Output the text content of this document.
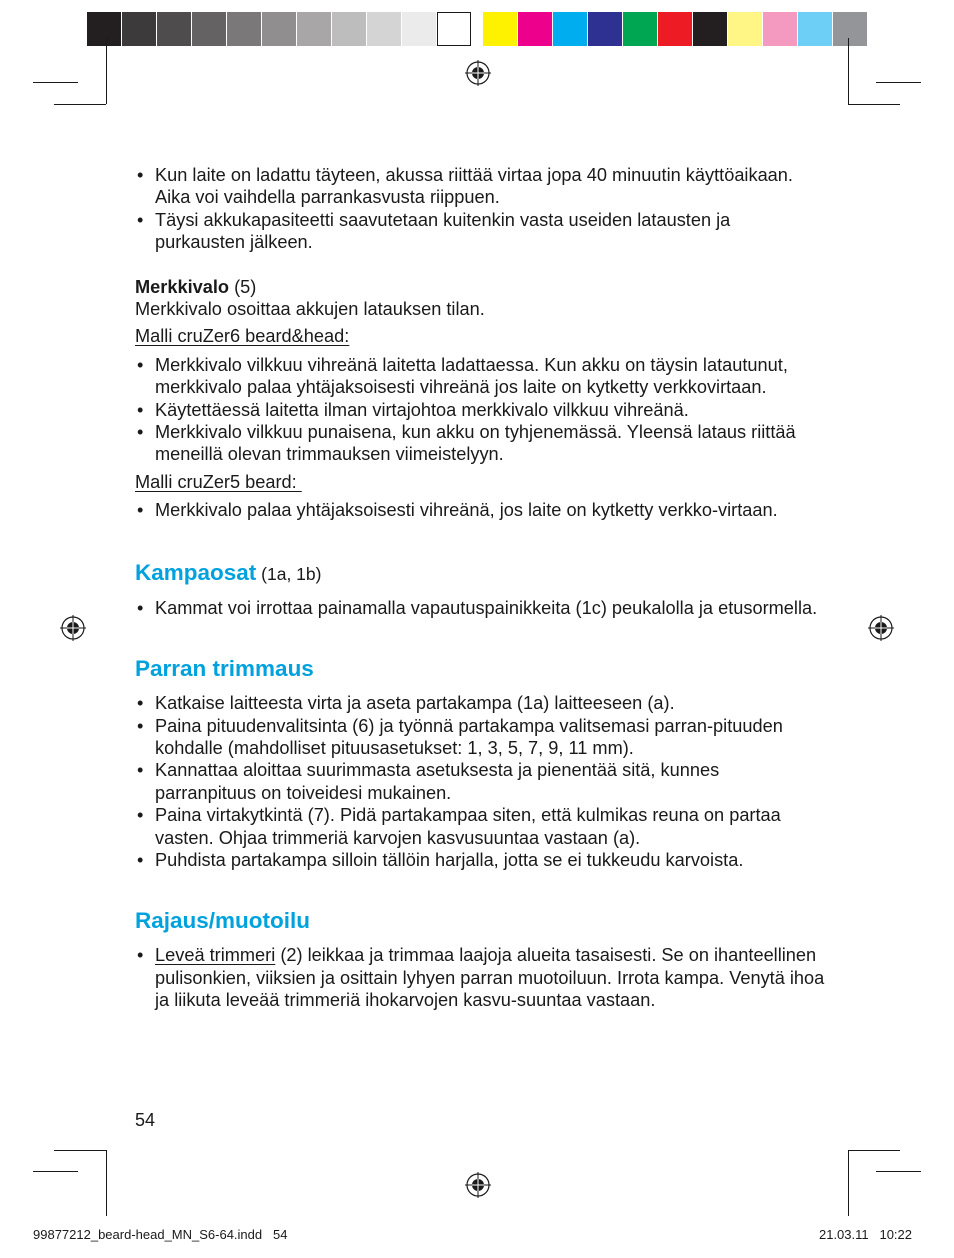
• Kun laite on ladattu täyteen, akussa riittää virtaa jopa 40 minuutin käyttöaikaan. Aika voi vaihdella parrankasvusta riippuen.
• Täysi akkukapasiteetti saavutetaan kuitenkin vasta useiden latausten ja purkausten jälkeen.

Merkkivalo (5)

Merkkivalo osoittaa akkujen latauksen tilan.

Malli cruZer6 beard&head:

• Merkkivalo vilkkuu vihreänä laitetta ladattaessa. Kun akku on täysin latautunut, merkkivalo palaa yhtäjaksoisesti vihreänä jos laite on kytketty verkkovirtaan.
• Käytettäessä laitetta ilman virtajohtoa merkkivalo vilkkuu vihreänä.
• Merkkivalo vilkkuu punaisena, kun akku on tyhjenemässä. Yleensä lataus riittää meneillä olevan trimmauksen viimeistelyyn.

Malli cruZer5 beard:

• Merkkivalo palaa yhtäjaksoisesti vihreänä, jos laite on kytketty verkko-virtaan.

Kampaosat (1a, 1b)

• Kammat voi irrottaa painamalla vapautuspainikkeita (1c) peukalolla ja etusormella.

Parran trimmaus

• Katkaise laitteesta virta ja aseta partakampa (1a) laitteeseen (a).
• Paina pituudenvalitsinta (6) ja työnnä partakampa valitsemasi parran-pituuden kohdalle (mahdolliset pituusasetukset: 1, 3, 5, 7, 9, 11 mm).
• Kannattaa aloittaa suurimmasta asetuksesta ja pienentää sitä, kunnes parranpituus on toiveidesi mukainen.
• Paina virtakytkintä (7). Pidä partakampaa siten, että kulmikas reuna on partaa vasten. Ohjaa trimmeriä karvojen kasvusuuntaa vastaan (a).
• Puhdista partakampa silloin tällöin harjalla, jotta se ei tukkeudu karvoista.

Rajaus/muotoilu

• Leveä trimmeri (2) leikkaa ja trimmaa laajoja alueita tasaisesti. Se on ihanteellinen pulisonkien, viiksien ja osittain lyhyen parran muotoiluun. Irrota kampa. Venytä ihoa ja liikuta leveää trimmeriä ihokarvojen kasvu-suuntaa vastaan.
54
99877212_beard-head_MN_S6-64.indd   54	21.03.11   10:22
